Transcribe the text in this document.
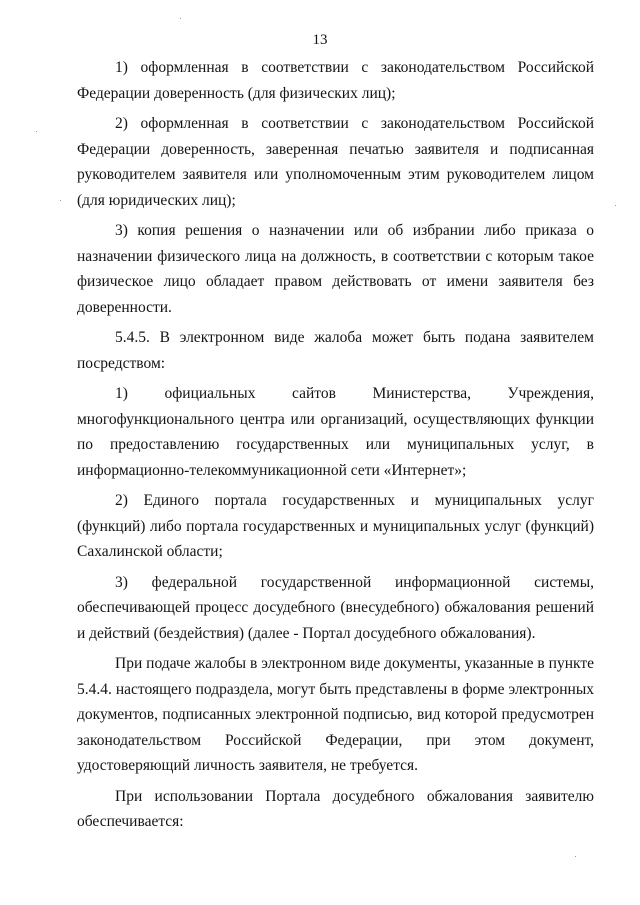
13

1) оформленная в соответствии с законодательством Российской Федерации доверенность (для физических лиц);

2) оформленная в соответствии с законодательством Российской Федерации доверенность, заверенная печатью заявителя и подписанная руководителем заявителя или уполномоченным этим руководителем лицом (для юридических лиц);

3) копия решения о назначении или об избрании либо приказа о назначении физического лица на должность, в соответствии с которым такое физическое лицо обладает правом действовать от имени заявителя без доверенности.

5.4.5. В электронном виде жалоба может быть подана заявителем посредством:

1) официальных сайтов Министерства, Учреждения, многофункционального центра или организаций, осуществляющих функции по предоставлению государственных или муниципальных услуг, в информационно-телекоммуникационной сети «Интернет»;

2) Единого портала государственных и муниципальных услуг (функций) либо портала государственных и муниципальных услуг (функций) Сахалинской области;

3) федеральной государственной информационной системы, обеспечивающей процесс досудебного (внесудебного) обжалования решений и действий (бездействия) (далее - Портал досудебного обжалования).

При подаче жалобы в электронном виде документы, указанные в пункте 5.4.4. настоящего подраздела, могут быть представлены в форме электронных документов, подписанных электронной подписью, вид которой предусмотрен законодательством Российской Федерации, при этом документ, удостоверяющий личность заявителя, не требуется.

При использовании Портала досудебного обжалования заявителю обеспечивается:
